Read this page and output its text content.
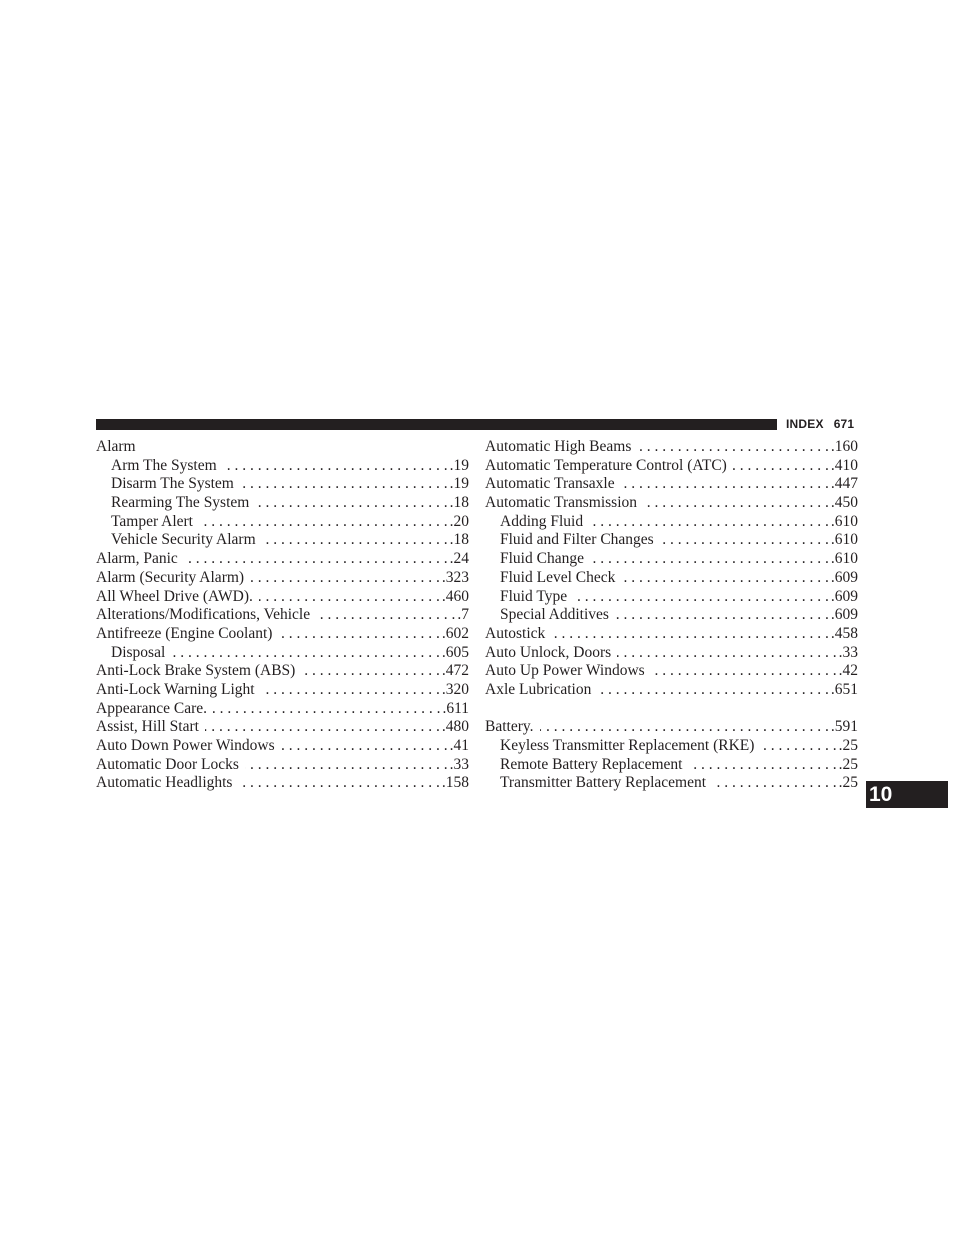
INDEX 671
Alarm
Arm The System . . .	. 19
Disarm The System . . .	. 19
Rearming The System . . .	. 18
Tamper Alert . . .	. 20
Vehicle Security Alarm . . .	. 18
Alarm, Panic . . .	. 24
Alarm (Security Alarm) . . .	. 323
All Wheel Drive (AWD). . . .	. 460
Alterations/Modifications, Vehicle . . .	. 7
Antifreeze (Engine Coolant) . . .	. 602
Disposal . . .	. 605
Anti-Lock Brake System (ABS) . . .	. 472
Anti-Lock Warning Light . . .	. 320
Appearance Care. . . .	. 611
Assist, Hill Start . . .	. 480
Auto Down Power Windows . . .	. 41
Automatic Door Locks . . .	. 33
Automatic Headlights . . .	. 158
Automatic High Beams . . .	. 160
Automatic Temperature Control (ATC) . . .	. 410
Automatic Transaxle . . .	. 447
Automatic Transmission . . .	. 450
Adding Fluid . . .	. 610
Fluid and Filter Changes . . .	. 610
Fluid Change . . .	. 610
Fluid Level Check . . .	. 609
Fluid Type . . .	. 609
Special Additives . . .	. 609
Autostick . . .	. 458
Auto Unlock, Doors . . .	. 33
Auto Up Power Windows . . .	. 42
Axle Lubrication . . .	. 651
Battery. . . .	. 591
Keyless Transmitter Replacement (RKE) . . .	. 25
Remote Battery Replacement . . .	. 25
Transmitter Battery Replacement . . .	. 25
10
